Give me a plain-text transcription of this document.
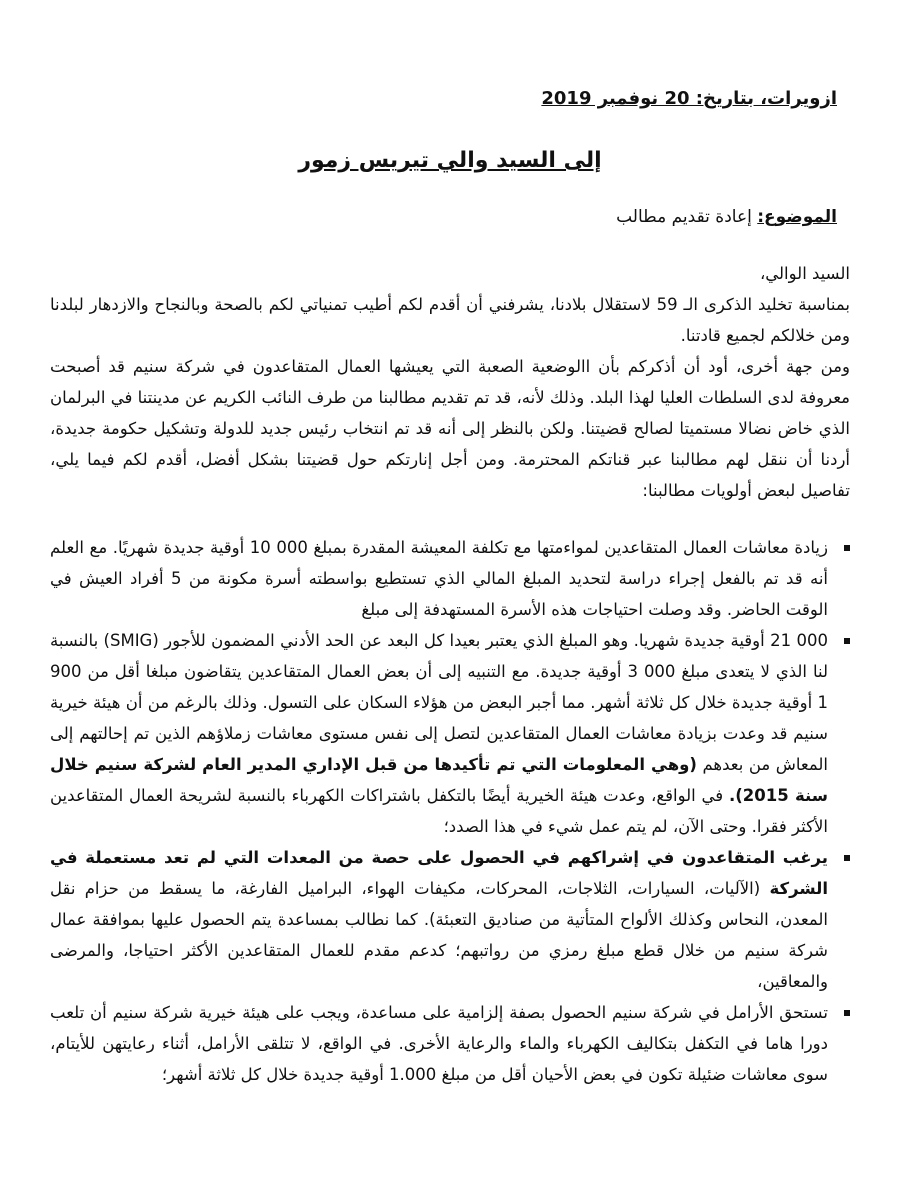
ازويرات، بتاريخ: 20 نوفمبر 2019
إلى السيد والي تيريس زمور
الموضوع: إعادة تقديم مطالب

السيد الوالي،

بمناسبة تخليد الذكرى الـ 59 لاستقلال بلادنا، يشرفني أن أقدم لكم أطيب تمنياتي لكم بالصحة وبالنجاح والازدهار لبلدنا ومن خلالكم لجميع قادتنا.

ومن جهة أخرى، أود أن أذكركم بأن االوضعية الصعبة التي يعيشها العمال المتقاعدون في شركة سنيم قد أصبحت معروفة لدى السلطات العليا لهذا البلد. وذلك لأنه، قد تم تقديم مطالبنا من طرف النائب الكريم عن مدينتنا في البرلمان الذي خاض نضالا مستميتا لصالح قضيتنا. ولكن بالنظر إلى أنه قد تم انتخاب رئيس جديد للدولة وتشكيل حكومة جديدة، أردنا أن ننقل لهم مطالبنا عبر قناتكم المحترمة. ومن أجل إنارتكم حول قضيتنا بشكل أفضل، أقدم لكم فيما يلي، تفاصيل لبعض أولويات مطالبنا:

زيادة معاشات العمال المتقاعدين لمواءمتها مع تكلفة المعيشة المقدرة بمبلغ 000 10 أوقية جديدة شهريًا. مع العلم أنه قد تم بالفعل إجراء دراسة لتحديد المبلغ المالي الذي تستطيع بواسطته أسرة مكونة من 5 أفراد العيش في الوقت الحاضر. وقد وصلت احتياجات هذه الأسرة المستهدفة إلى مبلغ
000 21 أوقية جديدة شهريا. وهو المبلغ الذي يعتبر بعيدا كل البعد عن الحد الأدني المضمون للأجور (SMIG) بالنسبة لنا الذي لا يتعدى مبلغ 000 3 أوقية جديدة. مع التنبيه إلى أن بعض العمال المتقاعدين يتقاضون مبلغا أقل من 900 1 أوقية جديدة خلال كل ثلاثة أشهر. مما أجبر البعض من هؤلاء السكان على التسول. وذلك بالرغم من أن هيئة خيرية سنيم قد وعدت بزيادة معاشات العمال المتقاعدين لتصل إلى نفس مستوى معاشات زملاؤهم الذين تم إحالتهم إلى المعاش من بعدهم (وهي المعلومات التي تم تأكيدها من قبل الإداري المدير العام لشركة سنيم خلال سنة 2015). في الواقع، وعدت هيئة الخيرية أيضًا بالتكفل باشتراكات الكهرباء بالنسبة لشريحة العمال المتقاعدين الأكثر فقرا. وحتى الآن، لم يتم عمل شيء في هذا الصدد؛
يرغب المتقاعدون في إشراكهم في الحصول على حصة من المعدات التي لم تعد مستعملة في الشركة (الآليات، السيارات، الثلاجات، المحركات، مكيفات الهواء، البراميل الفارغة، ما يسقط من حزام نقل المعدن، النحاس وكذلك الألواح المتأتية من صناديق التعبئة). كما نطالب بمساعدة يتم الحصول عليها بموافقة عمال شركة سنيم من خلال قطع مبلغ رمزي من رواتبهم؛ كدعم مقدم للعمال المتقاعدين الأكثر احتياجا، والمرضى والمعاقين،
تستحق الأرامل في شركة سنيم الحصول بصفة إلزامية على مساعدة، ويجب على هيئة خيرية شركة سنيم أن تلعب دورا هاما في التكفل بتكاليف الكهرباء والماء والرعاية الأخرى. في الواقع، لا تتلقى الأرامل، أثناء رعايتهن للأيتام، سوى معاشات ضئيلة تكون في بعض الأحيان أقل من مبلغ 1.000 أوقية جديدة خلال كل ثلاثة أشهر؛
